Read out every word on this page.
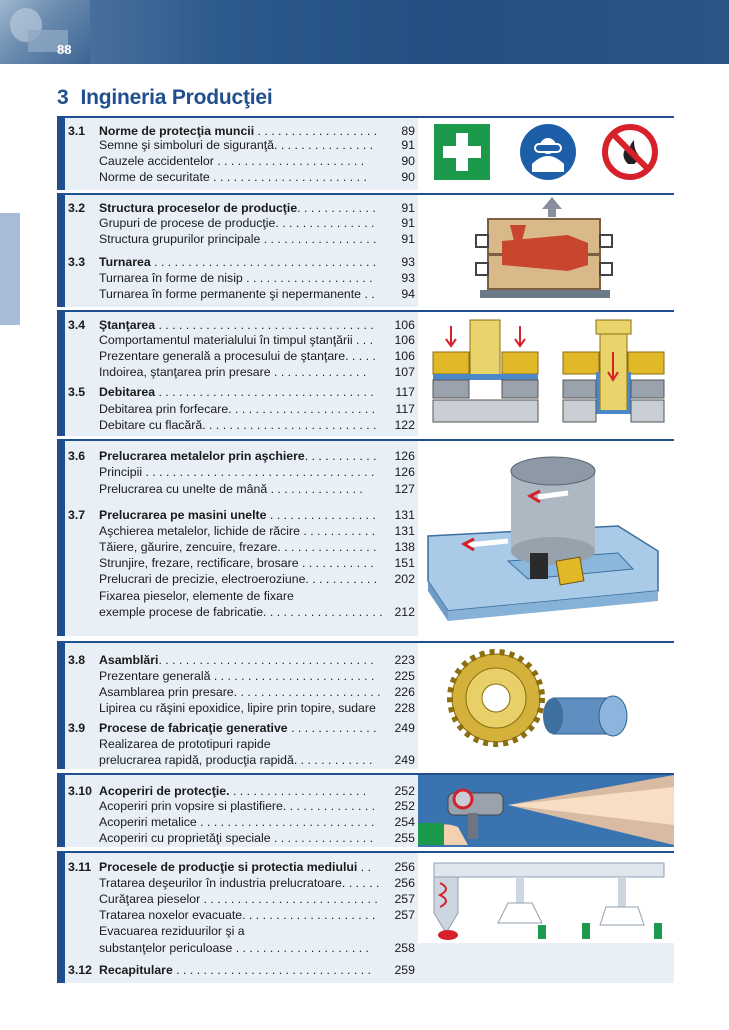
88
3 Ingineria Producţiei
3.1 Norme de protecţia muncii . . . . . . . . . . . . . . . . . .	89
Semne şi simboluri de siguranţă. . . . . . . . . . . . . . .	91
Cauzele accidentelor . . . . . . . . . . . . . . . . . . . . . .	90
Norme de securitate . . . . . . . . . . . . . . . . . . . . . . .	90
3.2 Structura proceselor de producţie. . . . . . . . . . . .	91
Grupuri de procese de producţie. . . . . . . . . . . . . . .	91
Structura grupurilor principale . . . . . . . . . . . . . . . . .	91
3.3 Turnarea . . . . . . . . . . . . . . . . . . . . . . . . . . . . . . . . .	93
Turnarea în forme de nisip . . . . . . . . . . . . . . . . . . .	93
Turnarea în forme permanente şi nepermanente . .	94
3.4 Ştanţarea . . . . . . . . . . . . . . . . . . . . . . . . . . . . . . . .	106
Comportamentul materialului în timpul ştanţării . . .	106
Prezentare generală a procesului de ştanţare. . . . .	106
Indoirea, ştanţarea prin presare . . . . . . . . . . . . . .	107
3.5 Debitarea . . . . . . . . . . . . . . . . . . . . . . . . . . . . . . . .	117
Debitarea prin forfecare. . . . . . . . . . . . . . . . . . . . . .	117
Debitare cu flacără. . . . . . . . . . . . . . . . . . . . . . . . . .	122
3.6 Prelucrarea metalelor prin aşchiere. . . . . . . . . . .	126
Principii . . . . . . . . . . . . . . . . . . . . . . . . . . . . . . . . . .	126
Prelucrarea cu unelte de mână . . . . . . . . . . . . . .	127
3.7 Prelucrarea pe masini unelte . . . . . . . . . . . . . . . .	131
Aşchierea metalelor, lichide de răcire . . . . . . . . . . .	131
Tăiere, găurire, zencuire, frezare. . . . . . . . . . . . . . .	138
Strunjire, frezare, rectificare, brosare . . . . . . . . . . .	151
Prelucrari de precizie, electroeroziune. . . . . . . . . . .	202
Fixarea pieselor, elemente de fixare
exemple procese de fabricatie. . . . . . . . . . . . . . . . . . 212
3.8 Asamblări. . . . . . . . . . . . . . . . . . . . . . . . . . . . . . . .	223
Prezentare generală . . . . . . . . . . . . . . . . . . . . . . . .	225
Asamblarea prin presare. . . . . . . . . . . . . . . . . . . . . .	226
Lipirea cu răşini epoxidice, lipire prin topire, sudare	228
3.9 Procese de fabricaţie generative . . . . . . . . . . . . .	249
Realizarea de prototipuri rapide
prelucrarea rapidă, producţia rapidă. . . . . . . . . . . .	249
3.10 Acoperiri de protecţie. . . . . . . . . . . . . . . . . . . . .	252
Acoperiri prin vopsire si plastifiere. . . . . . . . . . . . . .	252
Acoperiri metalice . . . . . . . . . . . . . . . . . . . . . . . . . .	254
Acoperiri cu proprietăţi speciale . . . . . . . . . . . . . . .	255
3.11 Procesele de producţie si protectia mediului . .	256
Tratarea deşeurilor în industria prelucratoare. . . . . .	256
Curăţarea pieselor . . . . . . . . . . . . . . . . . . . . . . . . . .	257
Tratarea noxelor evacuate. . . . . . . . . . . . . . . . . . . .	257
Evacuarea reziduurilor şi a
substanţelor periculoase . . . . . . . . . . . . . . . . . . . .	258
3.12 Recapitulare . . . . . . . . . . . . . . . . . . . . . . . . . . . . .	259
